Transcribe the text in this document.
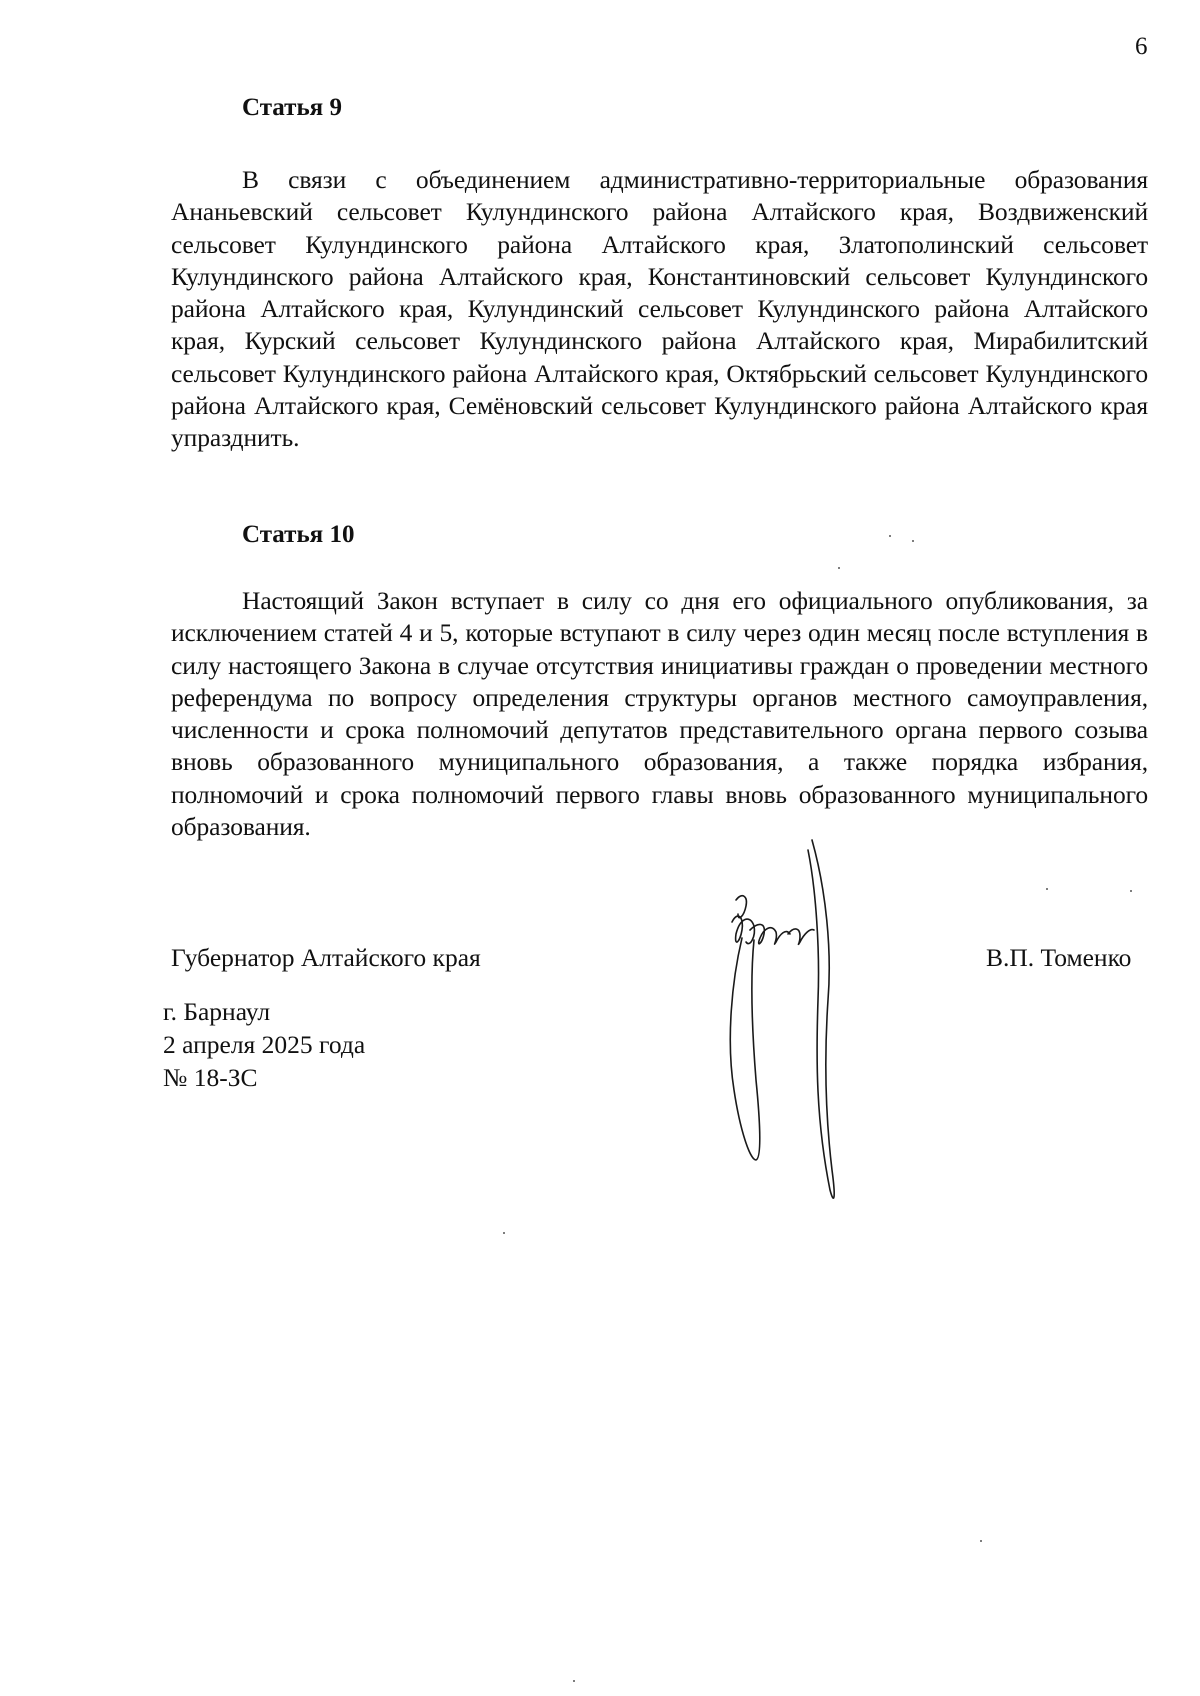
6
Статья 9
В связи с объединением административно-территориальные образования Ананьевский сельсовет Кулундинского района Алтайского края, Воздвиженский сельсовет Кулундинского района Алтайского края, Златополинский сельсовет Кулундинского района Алтайского края, Константиновский сельсовет Кулундинского района Алтайского края, Кулундинский сельсовет Кулундинского района Алтайского края, Курский сельсовет Кулундинского района Алтайского края, Мирабилитский сельсовет Кулундинского района Алтайского края, Октябрьский сельсовет Кулундинского района Алтайского края, Семёновский сельсовет Кулундинского района Алтайского края упразднить.
Статья 10
Настоящий Закон вступает в силу со дня его официального опубликования, за исключением статей 4 и 5, которые вступают в силу через один месяц после вступления в силу настоящего Закона в случае отсутствия инициативы граждан о проведении местного референдума по вопросу определения структуры органов местного самоуправления, численности и срока полномочий депутатов представительного органа первого созыва вновь образованного муниципального образования, а также порядка избрания, полномочий и срока полномочий первого главы вновь образованного муниципального образования.
Губернатор Алтайского края	В.П. Томенко
г. Барнаул
2 апреля 2025 года
№ 18-ЗС
